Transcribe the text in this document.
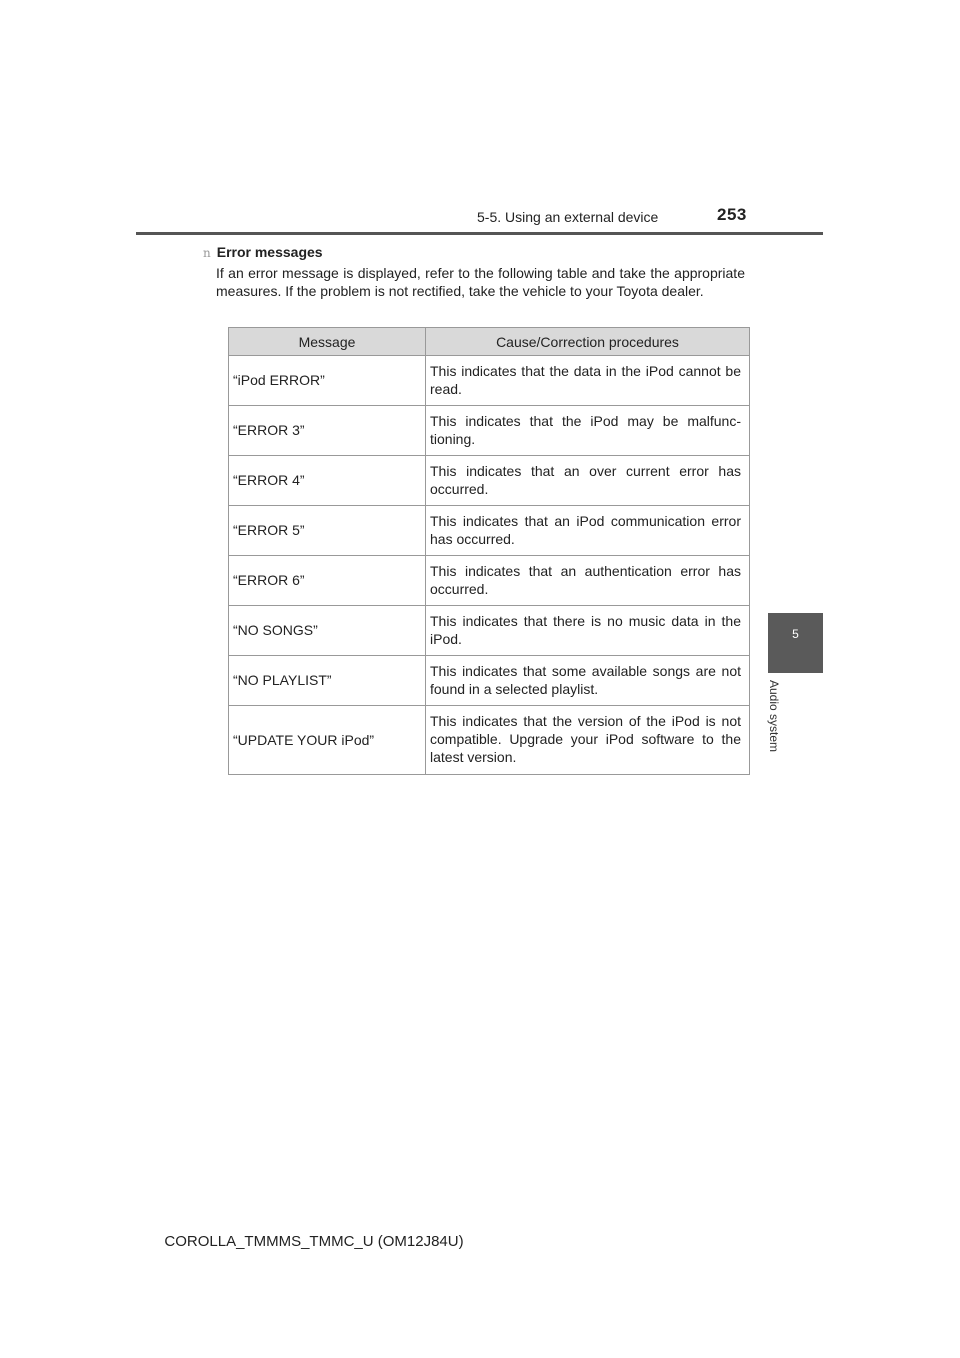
5-5. Using an external device	253
5
Audio system
n Error messages
If an error message is displayed, refer to the following table and take the appropriate measures. If the problem is not rectified, take the vehicle to your Toyota dealer.
Message	Cause/Correction procedures
“iPod ERROR”	This indicates that the data in the iPod cannot be read.
“ERROR 3”	This indicates that the iPod may be malfunc-tioning.
“ERROR 4”	This indicates that an over current error has occurred.
“ERROR 5”	This indicates that an iPod communication error has occurred.
“ERROR 6”	This indicates that an authentication error has occurred.
“NO SONGS”	This indicates that there is no music data in the iPod.
“NO PLAYLIST”	This indicates that some available songs are not found in a selected playlist.
“UPDATE YOUR iPod”	This indicates that the version of the iPod is not compatible. Upgrade your iPod software to the latest version.
COROLLA_TMMMS_TMMC_U (OM12J84U)
